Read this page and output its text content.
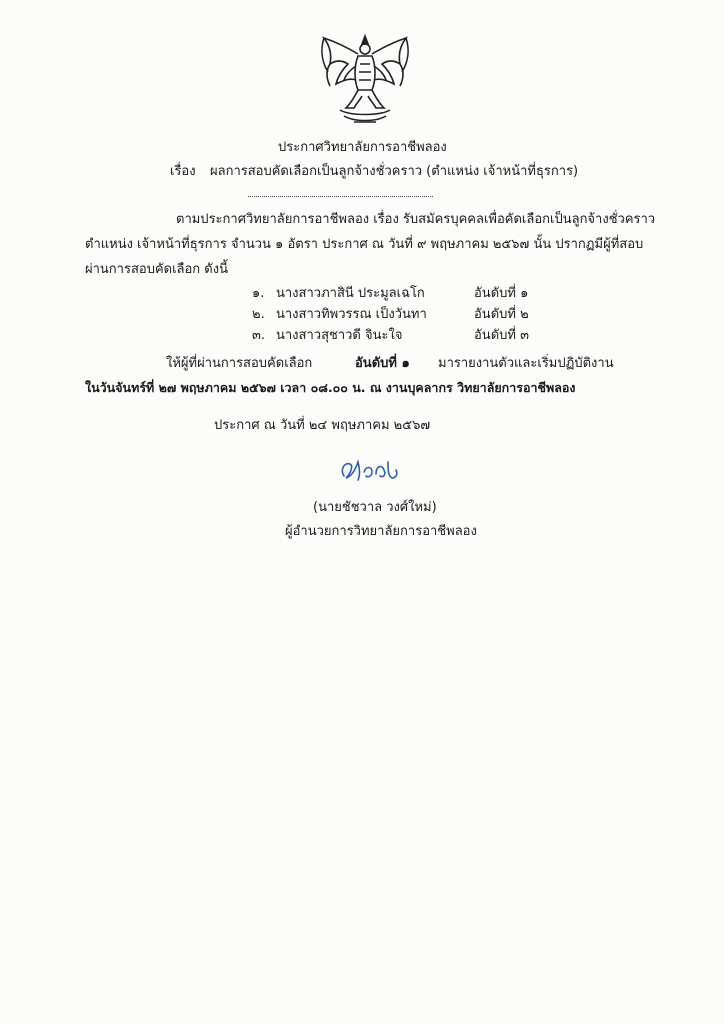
ประกาศวิทยาลัยการอาชีพลอง
เรื่อง ผลการสอบคัดเลือกเป็นลูกจ้างชั่วคราว (ตำแหน่ง เจ้าหน้าที่ธุรการ)
ตามประกาศวิทยาลัยการอาชีพลอง เรื่อง รับสมัครบุคคลเพื่อคัดเลือกเป็นลูกจ้างชั่วคราว
ตำแหน่ง เจ้าหน้าที่ธุรการ จำนวน ๑ อัตรา ประกาศ ณ วันที่ ๙ พฤษภาคม ๒๕๖๗ นั้น ปรากฏมีผู้ที่สอบ
ผ่านการสอบคัดเลือก ดังนี้
๑. นางสาวภาสินี ประมูลเฉโก	อันดับที่ ๑
๒. นางสาวทิพวรรณ เป็งวันทา	อันดับที่ ๒
๓. นางสาวสุชาวดี จินะใจ	อันดับที่ ๓
ให้ผู้ที่ผ่านการสอบคัดเลือก	อันดับที่ ๑ มารายงานตัวและเริ่มปฏิบัติงาน
ในวันจันทร์ที่ ๒๗ พฤษภาคม ๒๕๖๗ เวลา ๐๘.๐๐ น. ณ งานบุคลากร วิทยาลัยการอาชีพลอง
ประกาศ ณ วันที่ ๒๔ พฤษภาคม ๒๕๖๗
(นายชัชวาล วงศ์ใหม่)
ผู้อำนวยการวิทยาลัยการอาชีพลอง
